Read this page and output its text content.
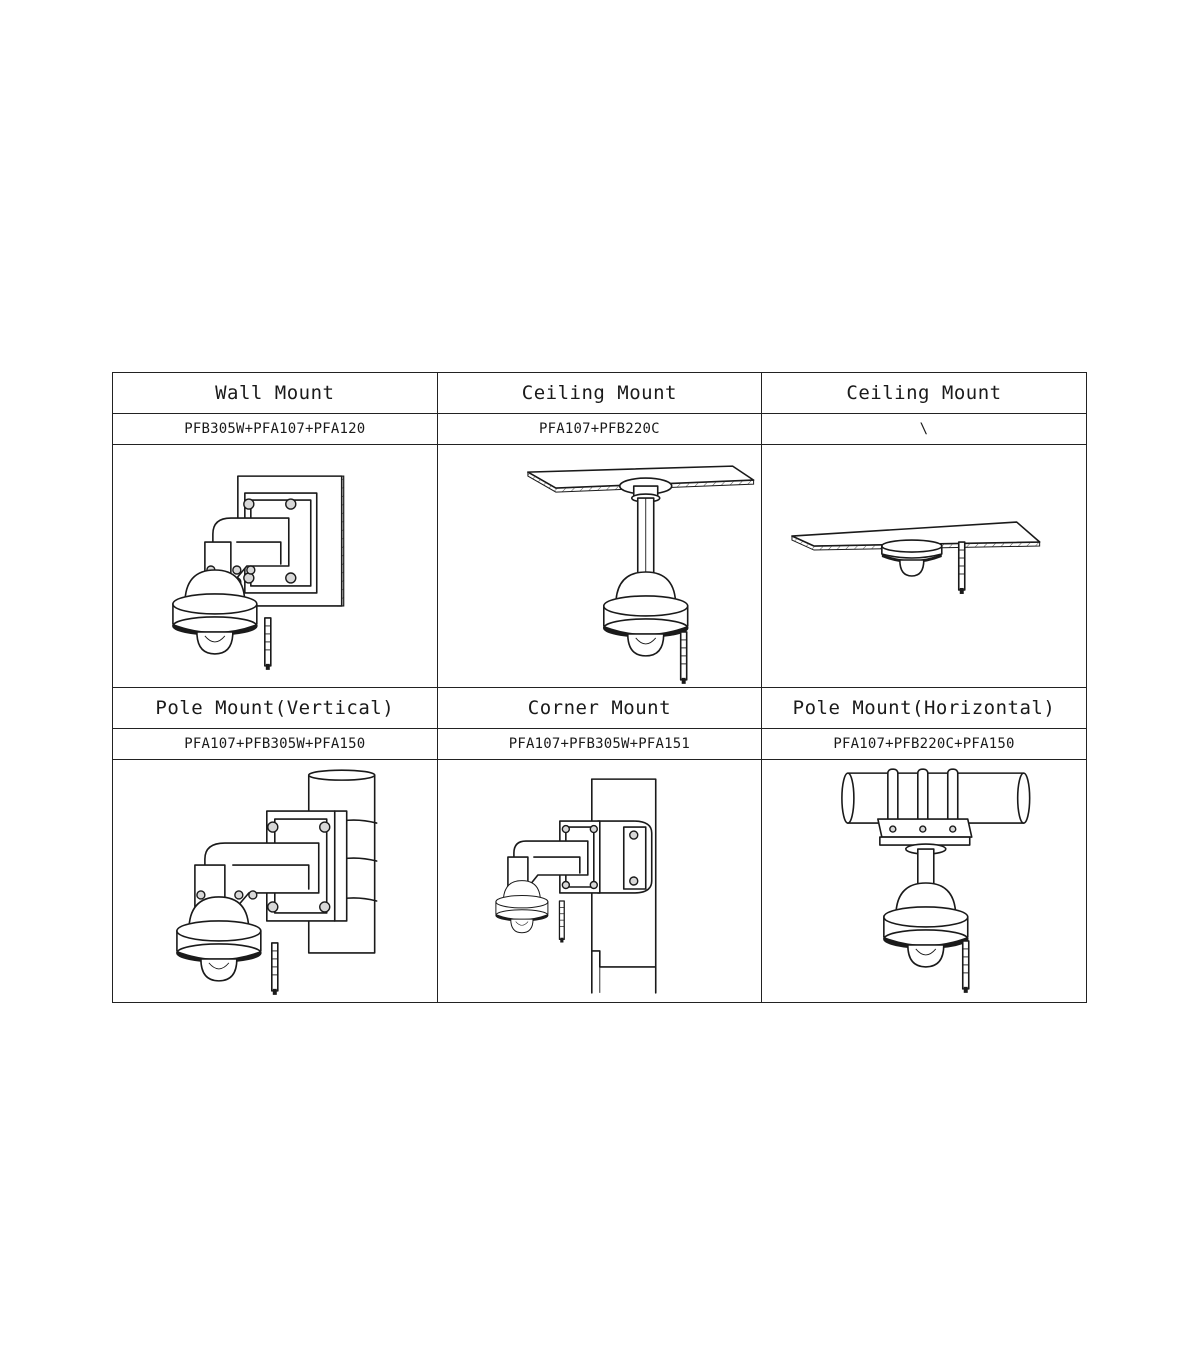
Wall Mount	Ceiling Mount	Ceiling Mount
PFB305W+PFA107+PFA120	PFA107+PFB220C	\

Pole Mount(Vertical)	Corner Mount	Pole Mount(Horizontal)
PFA107+PFB305W+PFA150	PFA107+PFB305W+PFA151	PFA107+PFB220C+PFA150
